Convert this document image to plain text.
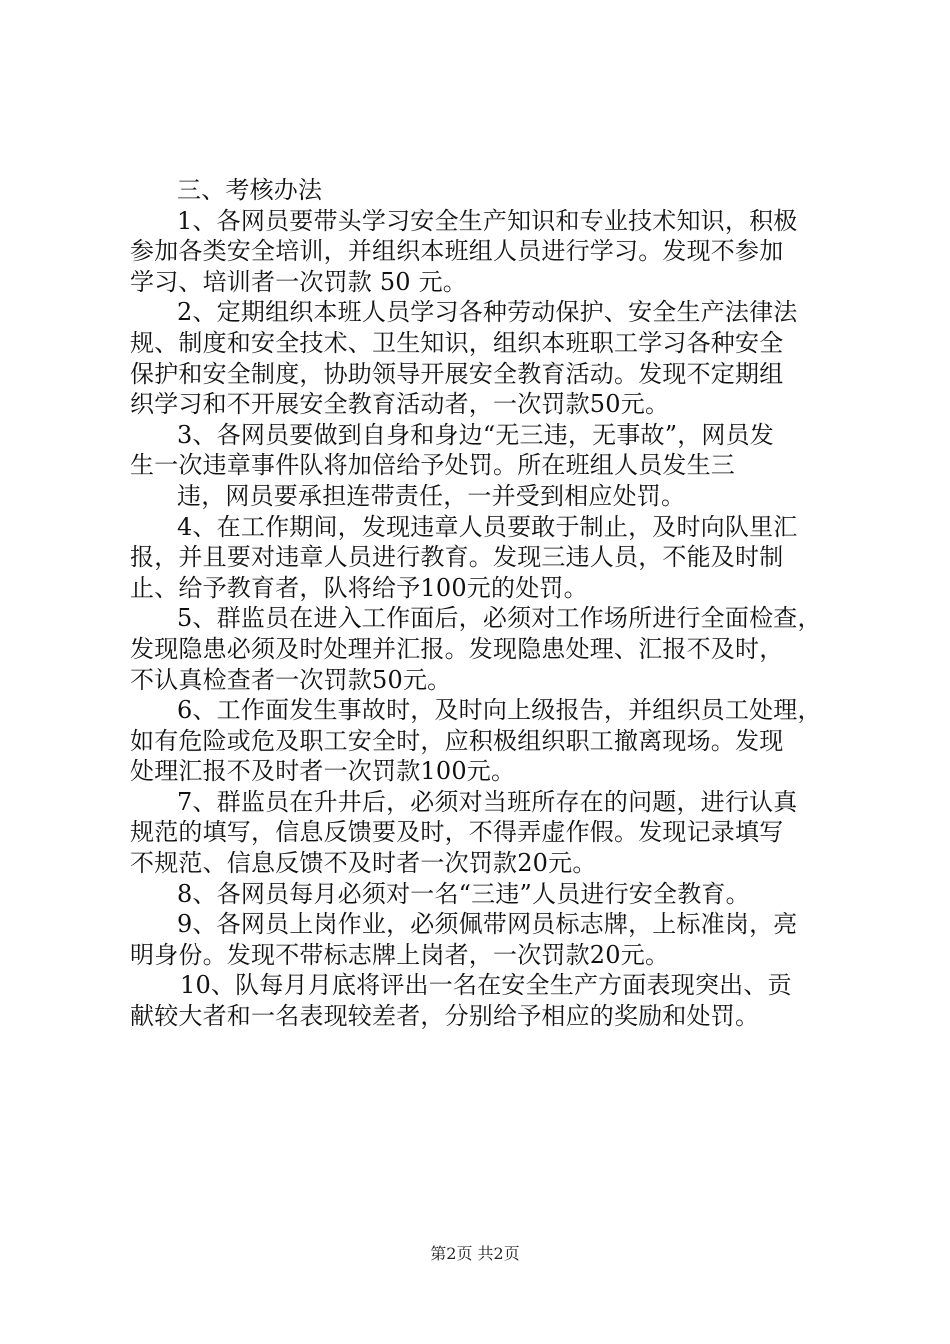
三、考核办法
1、各网员要带头学习安全生产知识和专业技术知识，积极
参加各类安全培训，并组织本班组人员进行学习。发现不参加
学习、培训者一次罚款 50 元。
2、定期组织本班人员学习各种劳动保护、安全生产法律法
规、制度和安全技术、卫生知识，组织本班职工学习各种安全
保护和安全制度，协助领导开展安全教育活动。发现不定期组
织学习和不开展安全教育活动者，一次罚款50元。
3、各网员要做到自身和身边“无三违，无事故”，网员发
生一次违章事件队将加倍给予处罚。所在班组人员发生三
违，网员要承担连带责任，一并受到相应处罚。
4、在工作期间，发现违章人员要敢于制止，及时向队里汇
报，并且要对违章人员进行教育。发现三违人员，不能及时制
止、给予教育者，队将给予100元的处罚。
5、群监员在进入工作面后，必须对工作场所进行全面检查，
发现隐患必须及时处理并汇报。发现隐患处理、汇报不及时，
不认真检查者一次罚款50元。
6、工作面发生事故时，及时向上级报告，并组织员工处理，
如有危险或危及职工安全时，应积极组织职工撤离现场。发现
处理汇报不及时者一次罚款100元。
7、群监员在升井后，必须对当班所存在的问题，进行认真
规范的填写，信息反馈要及时，不得弄虚作假。发现记录填写
不规范、信息反馈不及时者一次罚款20元。
8、各网员每月必须对一名“三违”人员进行安全教育。
9、各网员上岗作业，必须佩带网员标志牌，上标准岗，亮
明身份。发现不带标志牌上岗者，一次罚款20元。
10、队每月月底将评出一名在安全生产方面表现突出、贡
献较大者和一名表现较差者，分别给予相应的奖励和处罚。
第2页 共2页
